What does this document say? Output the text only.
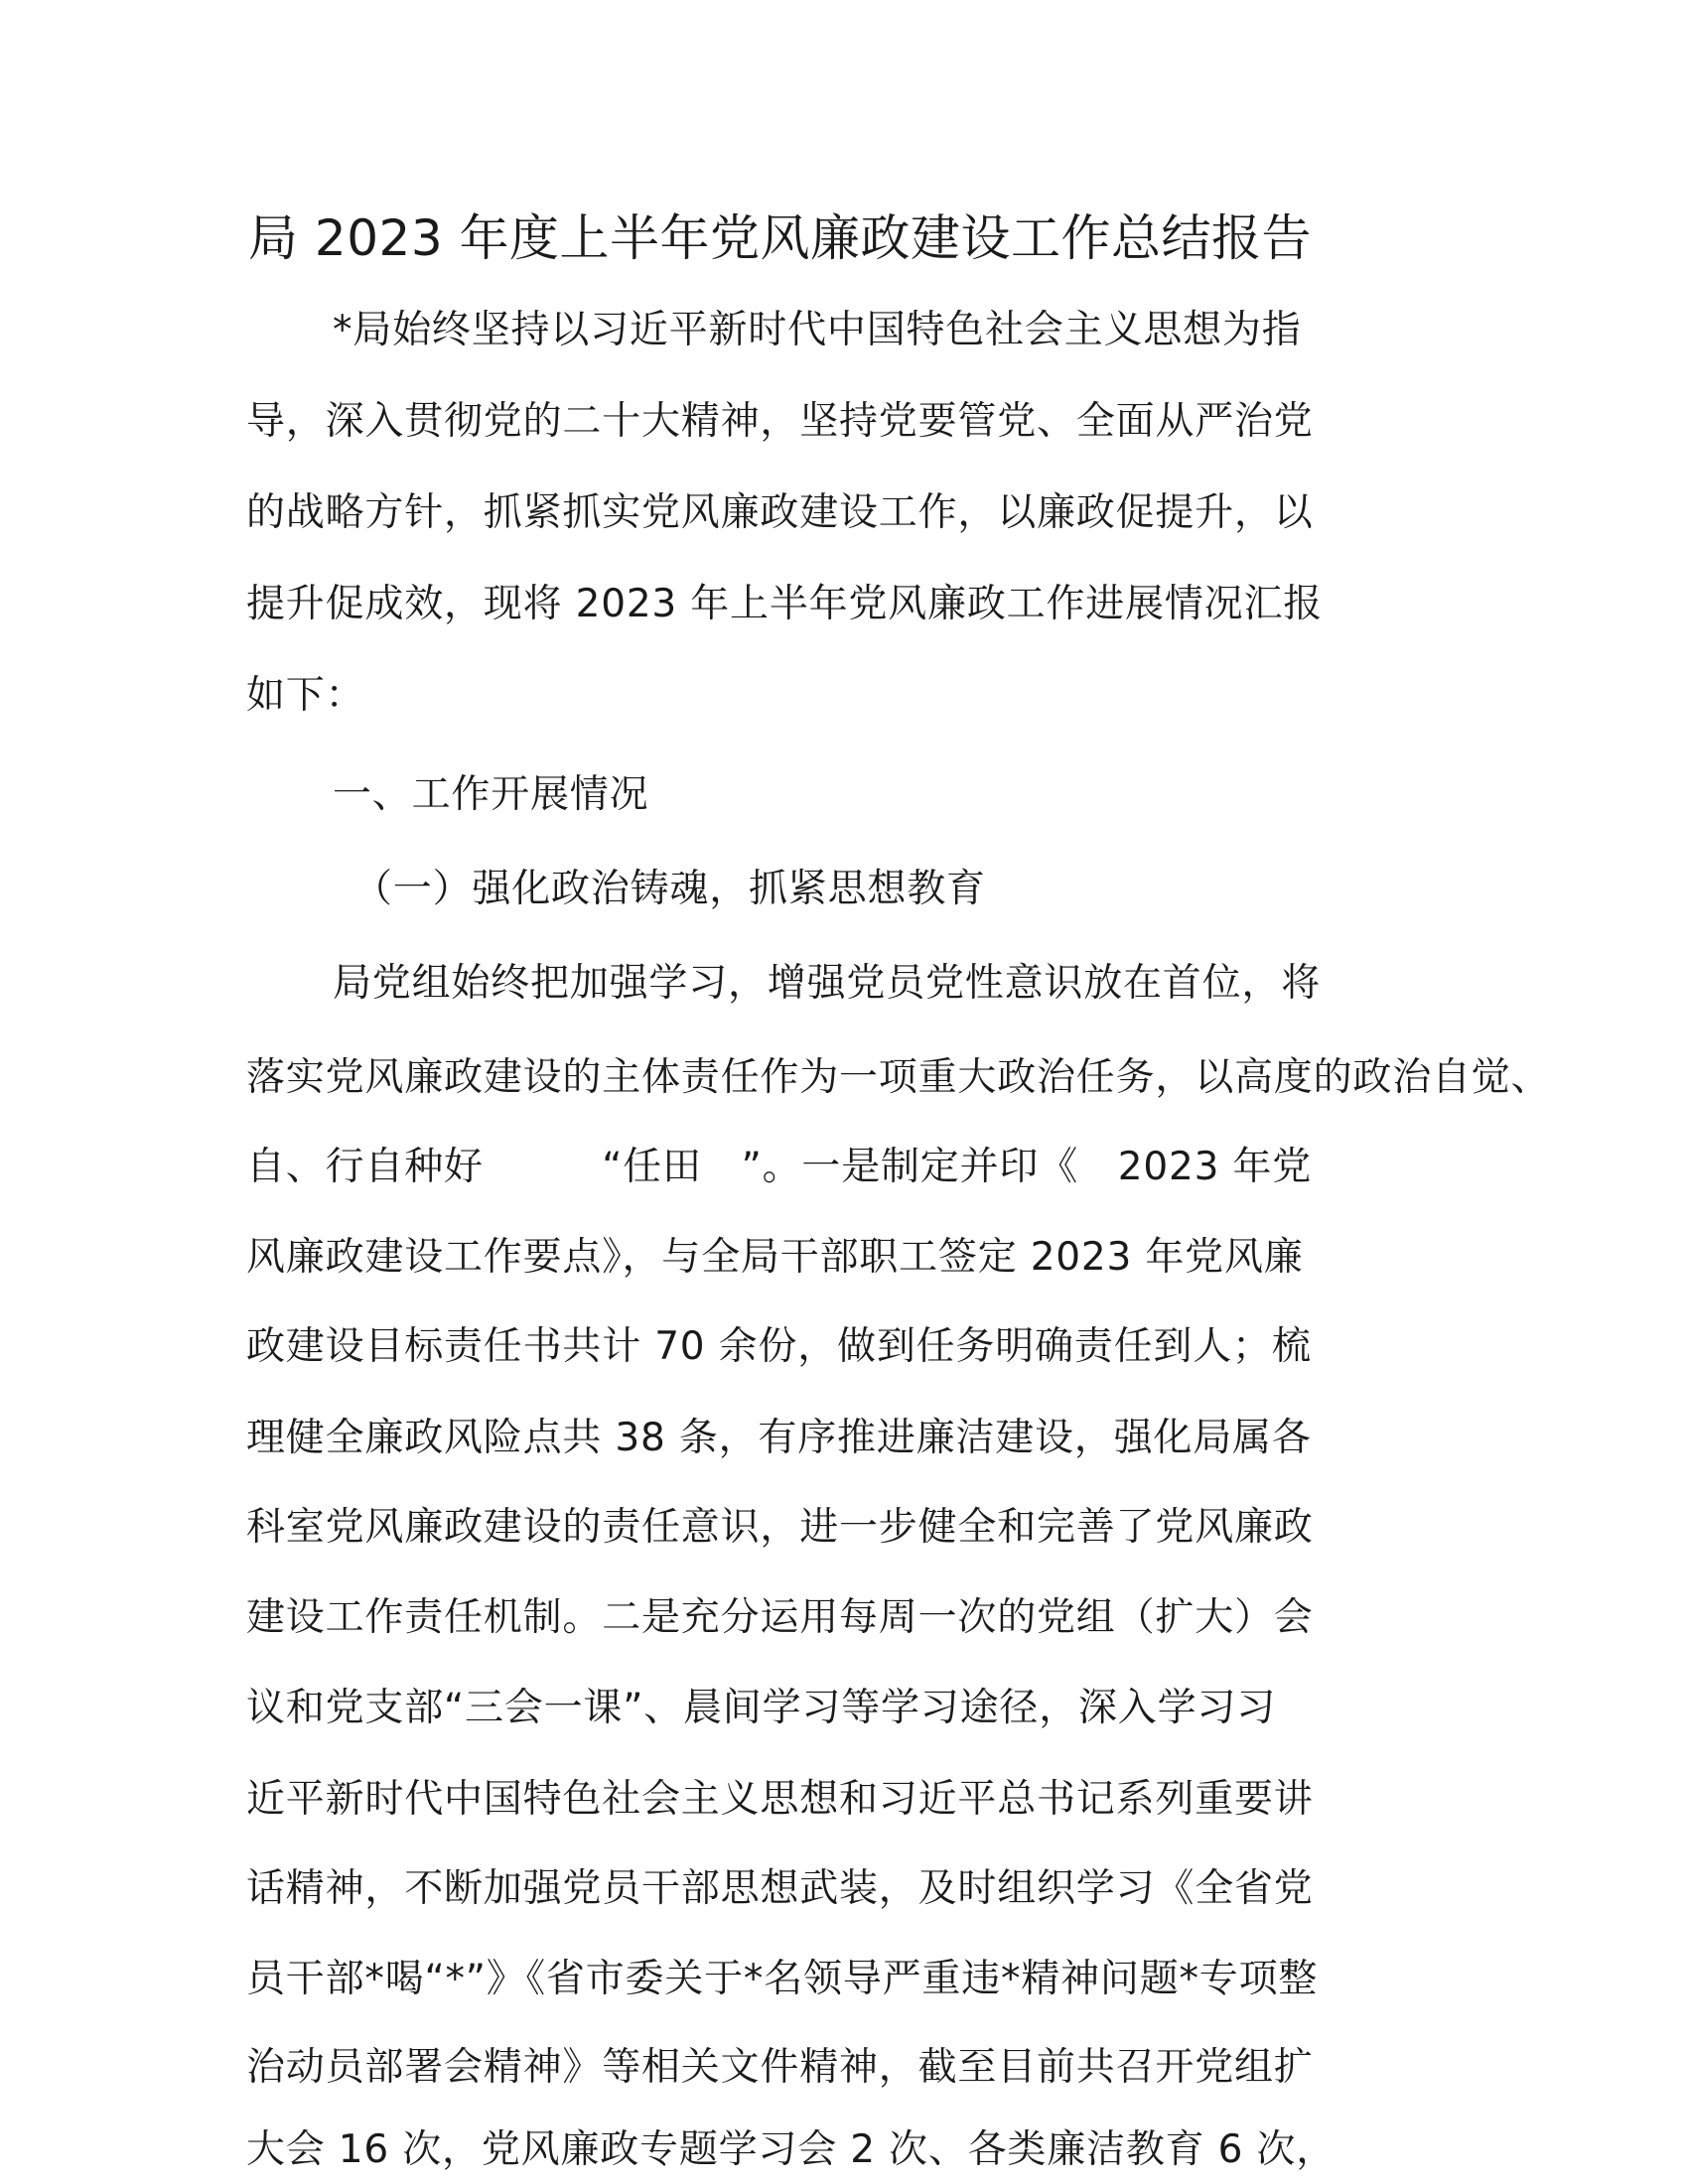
局 2023 年度上半年党风廉政建设工作总结报告
*局始终坚持以习近平新时代中国特色社会主义思想为指
导，深入贯彻党的二十大精神，坚持党要管党、全面从严治党
的战略方针，抓紧抓实党风廉政建设工作，以廉政促提升，以
提升促成效，现将 2023 年上半年党风廉政工作进展情况汇报
如下：
一、工作开展情况
（一）强化政治铸魂，抓紧思想教育
局党组始终把加强学习，增强党员党性意识放在首位，将
落实党风廉政建设的主体责任作为一项重大政治任务，以高度的政治自觉、
自、行自种好　　　“任田　”。一是制定并印《　2023 年党
风廉政建设工作要点》，与全局干部职工签定 2023 年党风廉
政建设目标责任书共计 70 余份，做到任务明确责任到人；梳
理健全廉政风险点共 38 条，有序推进廉洁建设，强化局属各
科室党风廉政建设的责任意识，进一步健全和完善了党风廉政
建设工作责任机制。二是充分运用每周一次的党组（扩大）会
议和党支部“三会一课”、晨间学习等学习途径，深入学习习
近平新时代中国特色社会主义思想和习近平总书记系列重要讲
话精神，不断加强党员干部思想武装，及时组织学习《全省党
员干部*喝“*”》《省市委关于*名领导严重违*精神问题*专项整
治动员部署会精神》等相关文件精神，截至目前共召开党组扩
大会 16 次，党风廉政专题学习会 2 次、各类廉洁教育 6 次，
